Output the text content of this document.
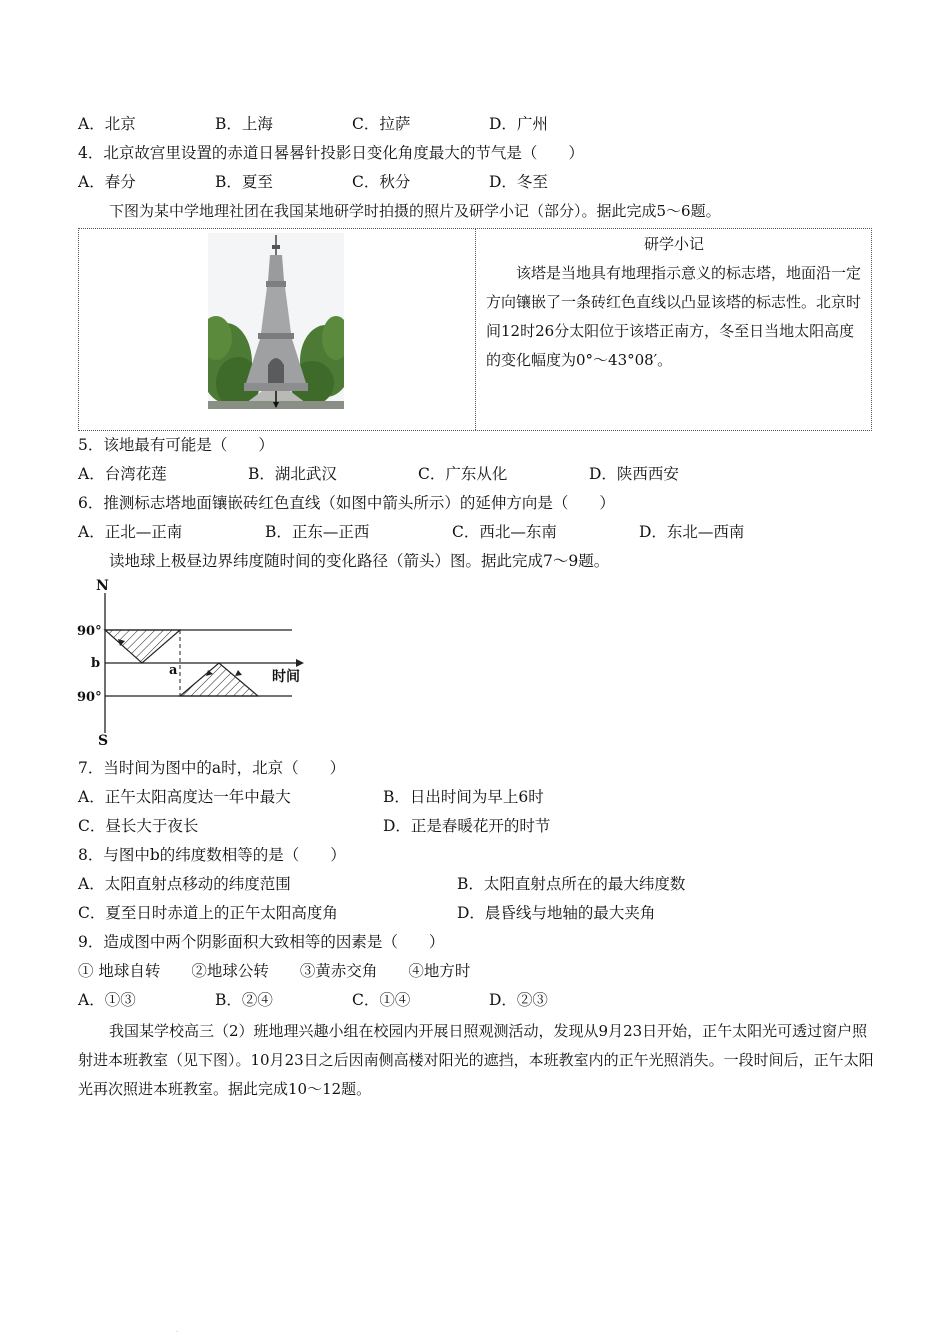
A．北京	B．上海	C．拉萨	D．广州
4．北京故宫里设置的赤道日晷晷针投影日变化角度最大的节气是（　　）
A．春分	B．夏至	C．秋分	D．冬至
下图为某中学地理社团在我国某地研学时拍摄的照片及研学小记（部分）。据此完成5～6题。
研学小记
该塔是当地具有地理指示意义的标志塔，地面沿一定方向镶嵌了一条砖红色直线以凸显该塔的标志性。北京时间12时26分太阳位于该塔正南方，冬至日当地太阳高度的变化幅度为0°～43°08′。
5．该地最有可能是（　　）
A．台湾花莲	B．湖北武汉	C．广东从化	D．陕西西安
6．推测标志塔地面镶嵌砖红色直线（如图中箭头所示）的延伸方向是（　　）
A．正北—正南	B．正东—正西	C．西北—东南	D．东北—西南
读地球上极昼边界纬度随时间的变化路径（箭头）图。据此完成7～9题。
N
S
90°
90°
b	a	时间
7．当时间为图中的a时，北京（　　）
A．正午太阳高度达一年中最大	B．日出时间为早上6时
C．昼长大于夜长	D．正是春暖花开的时节
8．与图中b的纬度数相等的是（　　）
A．太阳直射点移动的纬度范围	B．太阳直射点所在的最大纬度数
C．夏至日时赤道上的正午太阳高度角	D．晨昏线与地轴的最大夹角
9．造成图中两个阴影面积大致相等的因素是（　　）
① 地球自转　　②地球公转　　③黄赤交角　　④地方时
A．①③	B．②④	C．①④	D．②③
我国某学校高三（2）班地理兴趣小组在校园内开展日照观测活动，发现从9月23日开始，正午太阳光可透过窗户照射进本班教室（见下图）。10月23日之后因南侧高楼对阳光的遮挡，本班教室内的正午光照消失。一段时间后，正午太阳光再次照进本班教室。据此完成10～12题。
.
